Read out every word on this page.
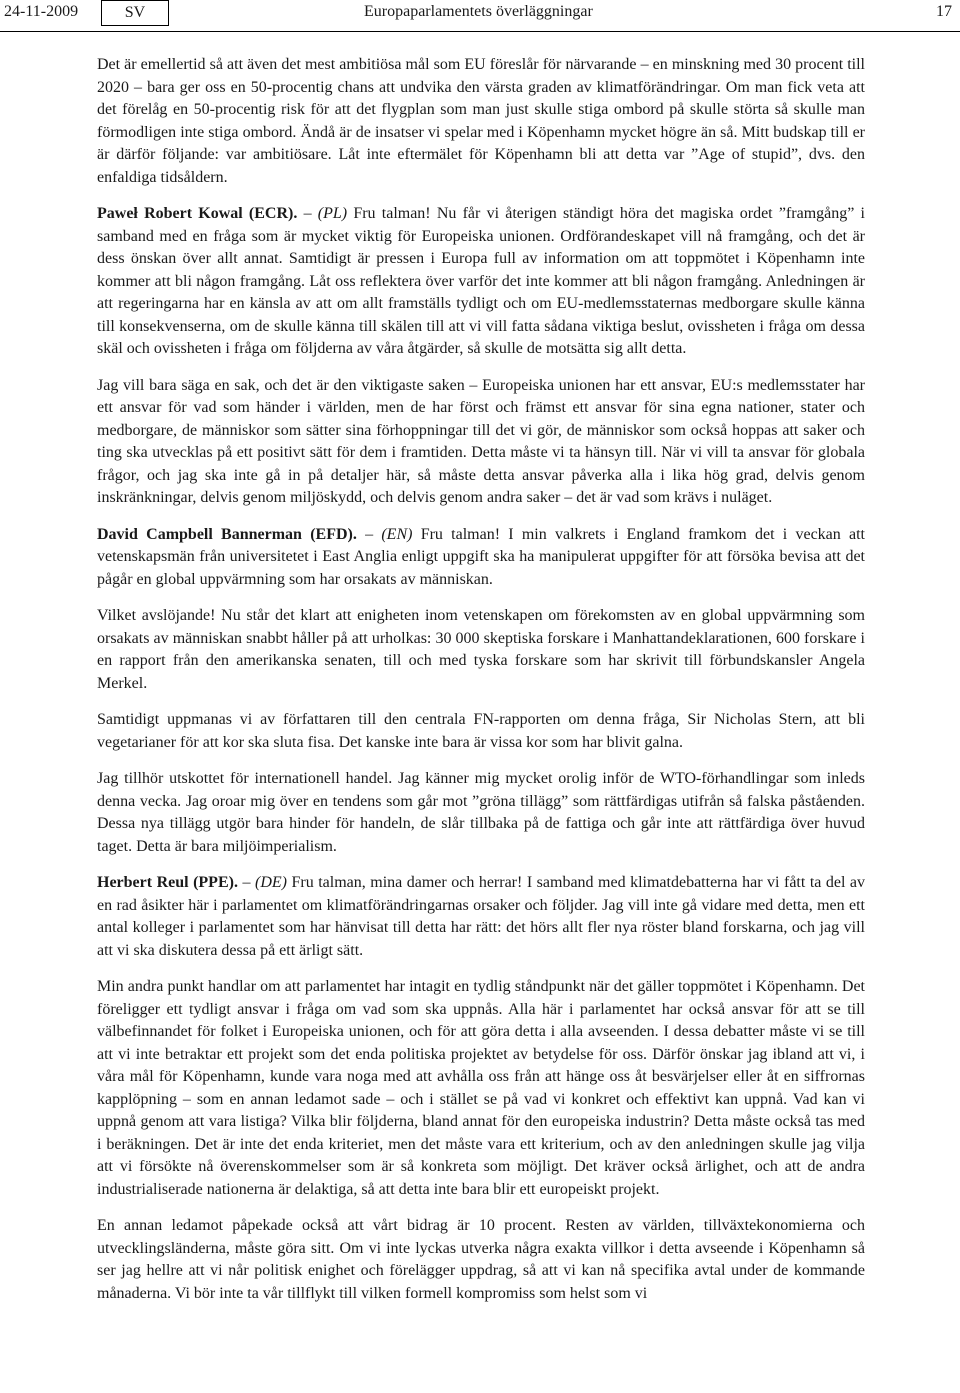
24-11-2009	SV	Europaparlamentets överläggningar	17

Det är emellertid så att även det mest ambitiösa mål som EU föreslår för närvarande – en minskning med 30 procent till 2020 – bara ger oss en 50-procentig chans att undvika den värsta graden av klimatförändringar. Om man fick veta att det förelåg en 50-procentig risk för att det flygplan som man just skulle stiga ombord på skulle störta så skulle man förmodligen inte stiga ombord. Ändå är de insatser vi spelar med i Köpenhamn mycket högre än så. Mitt budskap till er är därför följande: var ambitiösare. Låt inte eftermälet för Köpenhamn bli att detta var ”Age of stupid”, dvs. den enfaldiga tidsåldern.

Paweł Robert Kowal (ECR). – (PL) Fru talman! Nu får vi återigen ständigt höra det magiska ordet ”framgång” i samband med en fråga som är mycket viktig för Europeiska unionen. Ordförandeskapet vill nå framgång, och det är dess önskan över allt annat. Samtidigt är pressen i Europa full av information om att toppmötet i Köpenhamn inte kommer att bli någon framgång. Låt oss reflektera över varför det inte kommer att bli någon framgång. Anledningen är att regeringarna har en känsla av att om allt framställs tydligt och om EU-medlemsstaternas medborgare skulle känna till konsekvenserna, om de skulle känna till skälen till att vi vill fatta sådana viktiga beslut, ovissheten i fråga om dessa skäl och ovissheten i fråga om följderna av våra åtgärder, så skulle de motsätta sig allt detta.

Jag vill bara säga en sak, och det är den viktigaste saken – Europeiska unionen har ett ansvar, EU:s medlemsstater har ett ansvar för vad som händer i världen, men de har först och främst ett ansvar för sina egna nationer, stater och medborgare, de människor som sätter sina förhoppningar till det vi gör, de människor som också hoppas att saker och ting ska utvecklas på ett positivt sätt för dem i framtiden. Detta måste vi ta hänsyn till. När vi vill ta ansvar för globala frågor, och jag ska inte gå in på detaljer här, så måste detta ansvar påverka alla i lika hög grad, delvis genom inskränkningar, delvis genom miljöskydd, och delvis genom andra saker – det är vad som krävs i nuläget.

David Campbell Bannerman (EFD). – (EN) Fru talman! I min valkrets i England framkom det i veckan att vetenskapsmän från universitetet i East Anglia enligt uppgift ska ha manipulerat uppgifter för att försöka bevisa att det pågår en global uppvärmning som har orsakats av människan.

Vilket avslöjande! Nu står det klart att enigheten inom vetenskapen om förekomsten av en global uppvärmning som orsakats av människan snabbt håller på att urholkas: 30 000 skeptiska forskare i Manhattandeklarationen, 600 forskare i en rapport från den amerikanska senaten, till och med tyska forskare som har skrivit till förbundskansler Angela Merkel.

Samtidigt uppmanas vi av författaren till den centrala FN-rapporten om denna fråga, Sir Nicholas Stern, att bli vegetarianer för att kor ska sluta fisa. Det kanske inte bara är vissa kor som har blivit galna.

Jag tillhör utskottet för internationell handel. Jag känner mig mycket orolig inför de WTO-förhandlingar som inleds denna vecka. Jag oroar mig över en tendens som går mot ”gröna tillägg” som rättfärdigas utifrån så falska påståenden. Dessa nya tillägg utgör bara hinder för handeln, de slår tillbaka på de fattiga och går inte att rättfärdiga över huvud taget. Detta är bara miljöimperialism.

Herbert Reul (PPE). – (DE) Fru talman, mina damer och herrar! I samband med klimatdebatterna har vi fått ta del av en rad åsikter här i parlamentet om klimatförändringarnas orsaker och följder. Jag vill inte gå vidare med detta, men ett antal kolleger i parlamentet som har hänvisat till detta har rätt: det hörs allt fler nya röster bland forskarna, och jag vill att vi ska diskutera dessa på ett ärligt sätt.

Min andra punkt handlar om att parlamentet har intagit en tydlig ståndpunkt när det gäller toppmötet i Köpenhamn. Det föreligger ett tydligt ansvar i fråga om vad som ska uppnås. Alla här i parlamentet har också ansvar för att se till välbefinnandet för folket i Europeiska unionen, och för att göra detta i alla avseenden. I dessa debatter måste vi se till att vi inte betraktar ett projekt som det enda politiska projektet av betydelse för oss. Därför önskar jag ibland att vi, i våra mål för Köpenhamn, kunde vara noga med att avhålla oss från att hänge oss åt besvärjelser eller åt en siffrornas kapplöpning – som en annan ledamot sade – och i stället se på vad vi konkret och effektivt kan uppnå. Vad kan vi uppnå genom att vara listiga? Vilka blir följderna, bland annat för den europeiska industrin? Detta måste också tas med i beräkningen. Det är inte det enda kriteriet, men det måste vara ett kriterium, och av den anledningen skulle jag vilja att vi försökte nå överenskommelser som är så konkreta som möjligt. Det kräver också ärlighet, och att de andra industrialiserade nationerna är delaktiga, så att detta inte bara blir ett europeiskt projekt.

En annan ledamot påpekade också att vårt bidrag är 10 procent. Resten av världen, tillväxtekonomierna och utvecklingsländerna, måste göra sitt. Om vi inte lyckas utverka några exakta villkor i detta avseende i Köpenhamn så ser jag hellre att vi når politisk enighet och förelägger uppdrag, så att vi kan nå specifika avtal under de kommande månaderna. Vi bör inte ta vår tillflykt till vilken formell kompromiss som helst som vi
